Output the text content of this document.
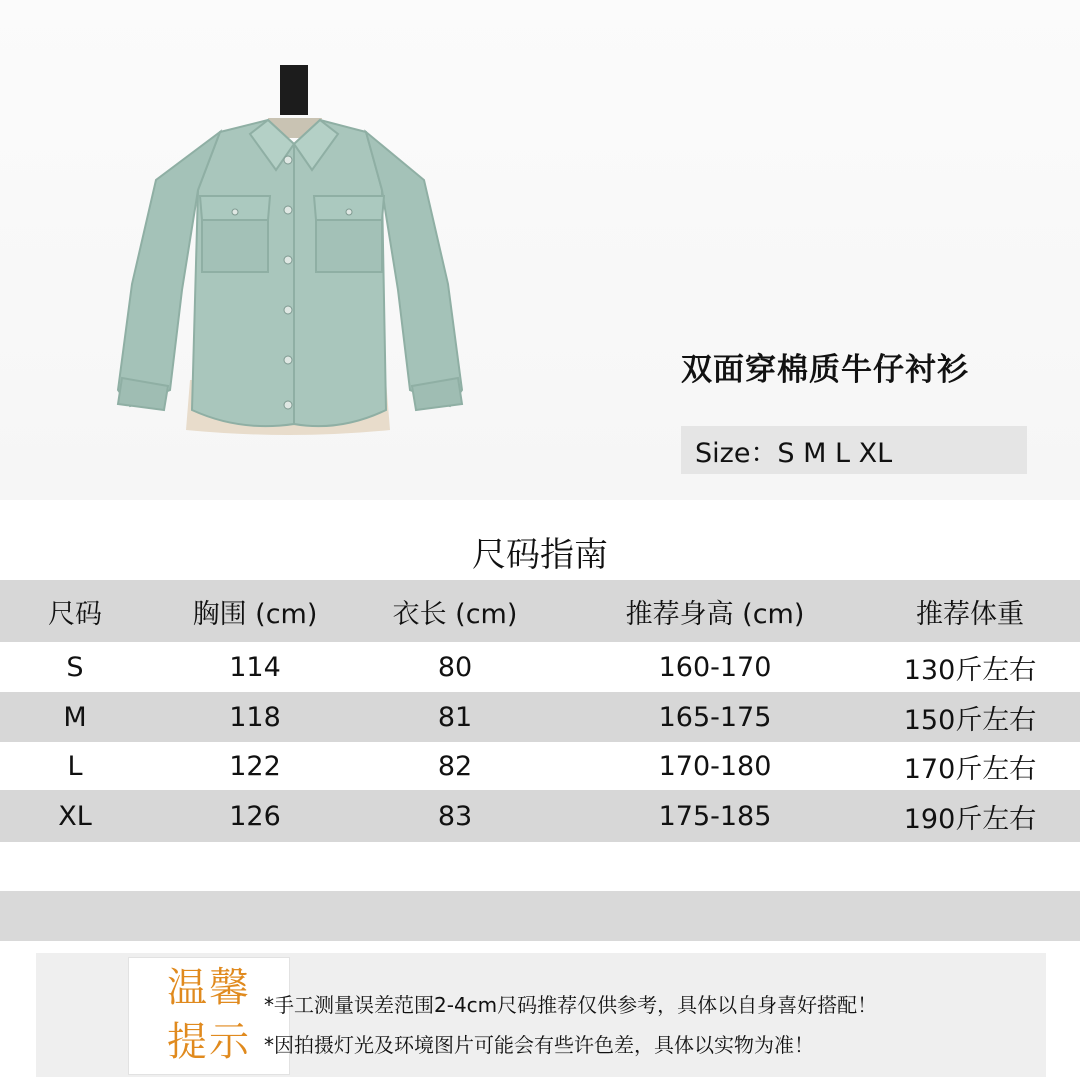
双面穿棉质牛仔衬衫
Size：S M L XL
尺码指南
尺码	胸围 (cm)	衣长 (cm)	推荐身高 (cm)	推荐体重
S	114	80	160-170	130斤左右
M	118	81	165-175	150斤左右
L	122	82	170-180	170斤左右
XL	126	83	175-185	190斤左右
温馨
提示
*手工测量误差范围2-4cm尺码推荐仅供参考，具体以自身喜好搭配！
*因拍摄灯光及环境图片可能会有些许色差，具体以实物为准！
